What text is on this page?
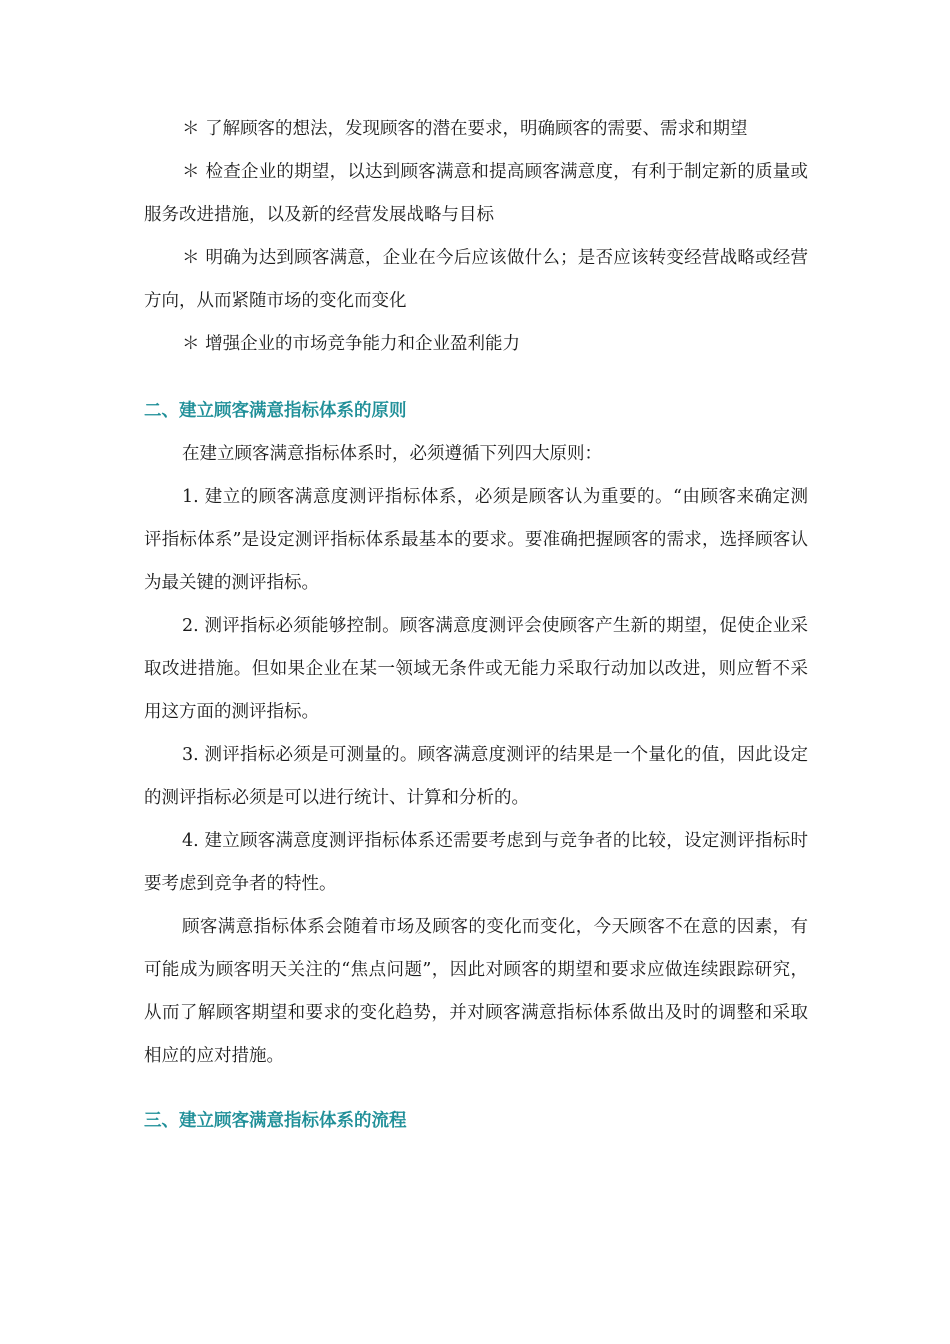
＊ 了解顾客的想法，发现顾客的潜在要求，明确顾客的需要、需求和期望

＊ 检查企业的期望，以达到顾客满意和提高顾客满意度，有利于制定新的质量或服务改进措施，以及新的经营发展战略与目标

＊ 明确为达到顾客满意，企业在今后应该做什么；是否应该转变经营战略或经营方向，从而紧随市场的变化而变化

＊ 增强企业的市场竞争能力和企业盈利能力

二、建立顾客满意指标体系的原则

在建立顾客满意指标体系时，必须遵循下列四大原则：

1. 建立的顾客满意度测评指标体系，必须是顾客认为重要的。“由顾客来确定测评指标体系”是设定测评指标体系最基本的要求。要准确把握顾客的需求，选择顾客认为最关键的测评指标。

2. 测评指标必须能够控制。顾客满意度测评会使顾客产生新的期望，促使企业采取改进措施。但如果企业在某一领域无条件或无能力采取行动加以改进，则应暂不采用这方面的测评指标。

3. 测评指标必须是可测量的。顾客满意度测评的结果是一个量化的值，因此设定的测评指标必须是可以进行统计、计算和分析的。

4. 建立顾客满意度测评指标体系还需要考虑到与竞争者的比较，设定测评指标时要考虑到竞争者的特性。

顾客满意指标体系会随着市场及顾客的变化而变化，今天顾客不在意的因素，有可能成为顾客明天关注的“焦点问题”，因此对顾客的期望和要求应做连续跟踪研究，从而了解顾客期望和要求的变化趋势，并对顾客满意指标体系做出及时的调整和采取相应的应对措施。

三、建立顾客满意指标体系的流程
